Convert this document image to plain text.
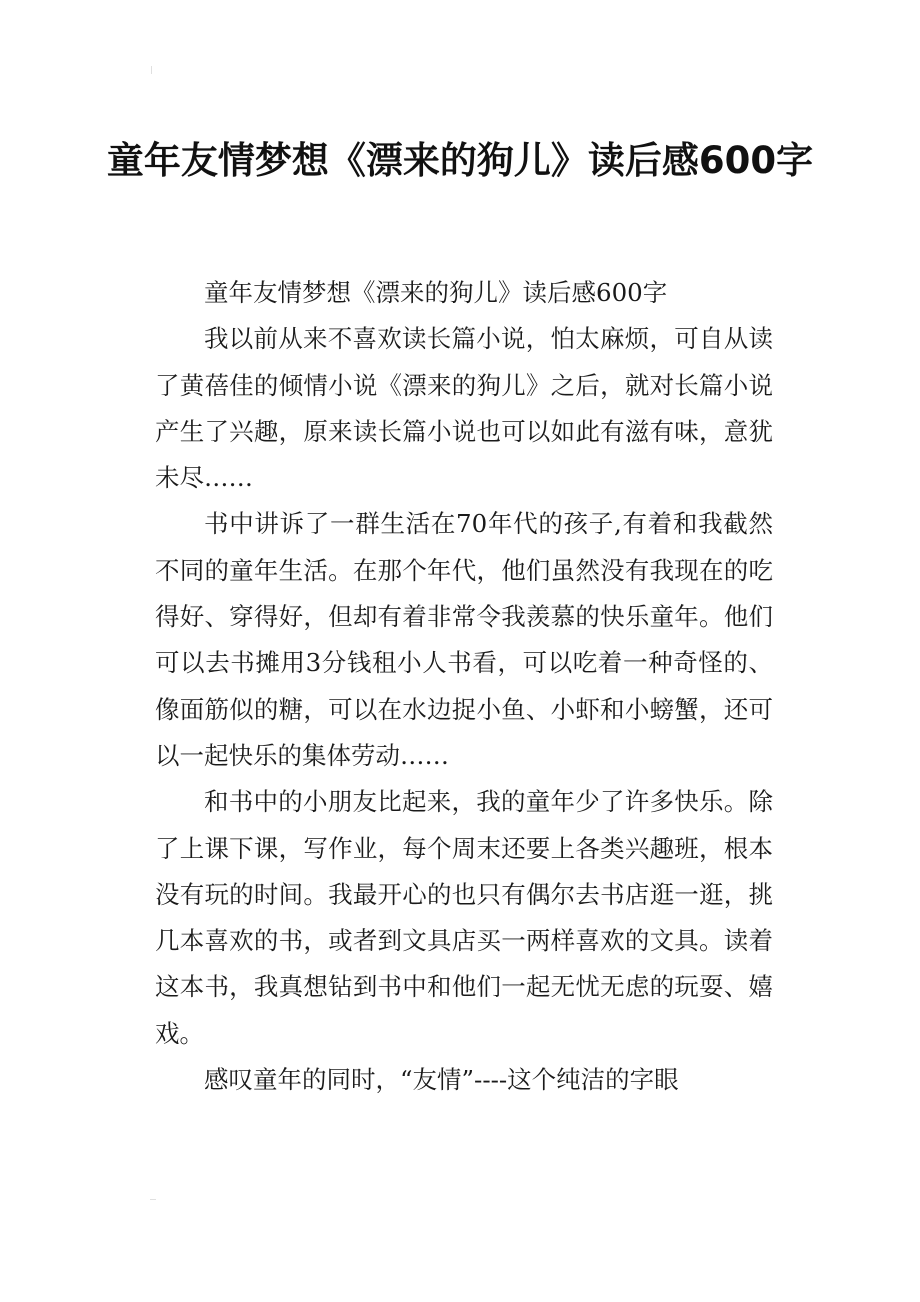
童年友情梦想《漂来的狗儿》读后感600字

童年友情梦想《漂来的狗儿》读后感600字

我以前从来不喜欢读长篇小说，怕太麻烦，可自从读了黄蓓佳的倾情小说《漂来的狗儿》之后，就对长篇小说产生了兴趣，原来读长篇小说也可以如此有滋有味，意犹未尽……

书中讲诉了一群生活在70年代的孩子,有着和我截然不同的童年生活。在那个年代，他们虽然没有我现在的吃得好、穿得好，但却有着非常令我羡慕的快乐童年。他们可以去书摊用3分钱租小人书看，可以吃着一种奇怪的、像面筋似的糖，可以在水边捉小鱼、小虾和小螃蟹，还可以一起快乐的集体劳动……

和书中的小朋友比起来，我的童年少了许多快乐。除了上课下课，写作业，每个周末还要上各类兴趣班，根本没有玩的时间。我最开心的也只有偶尔去书店逛一逛，挑几本喜欢的书，或者到文具店买一两样喜欢的文具。读着这本书，我真想钻到书中和他们一起无忧无虑的玩耍、嬉戏。

感叹童年的同时，“友情”----这个纯洁的字眼
